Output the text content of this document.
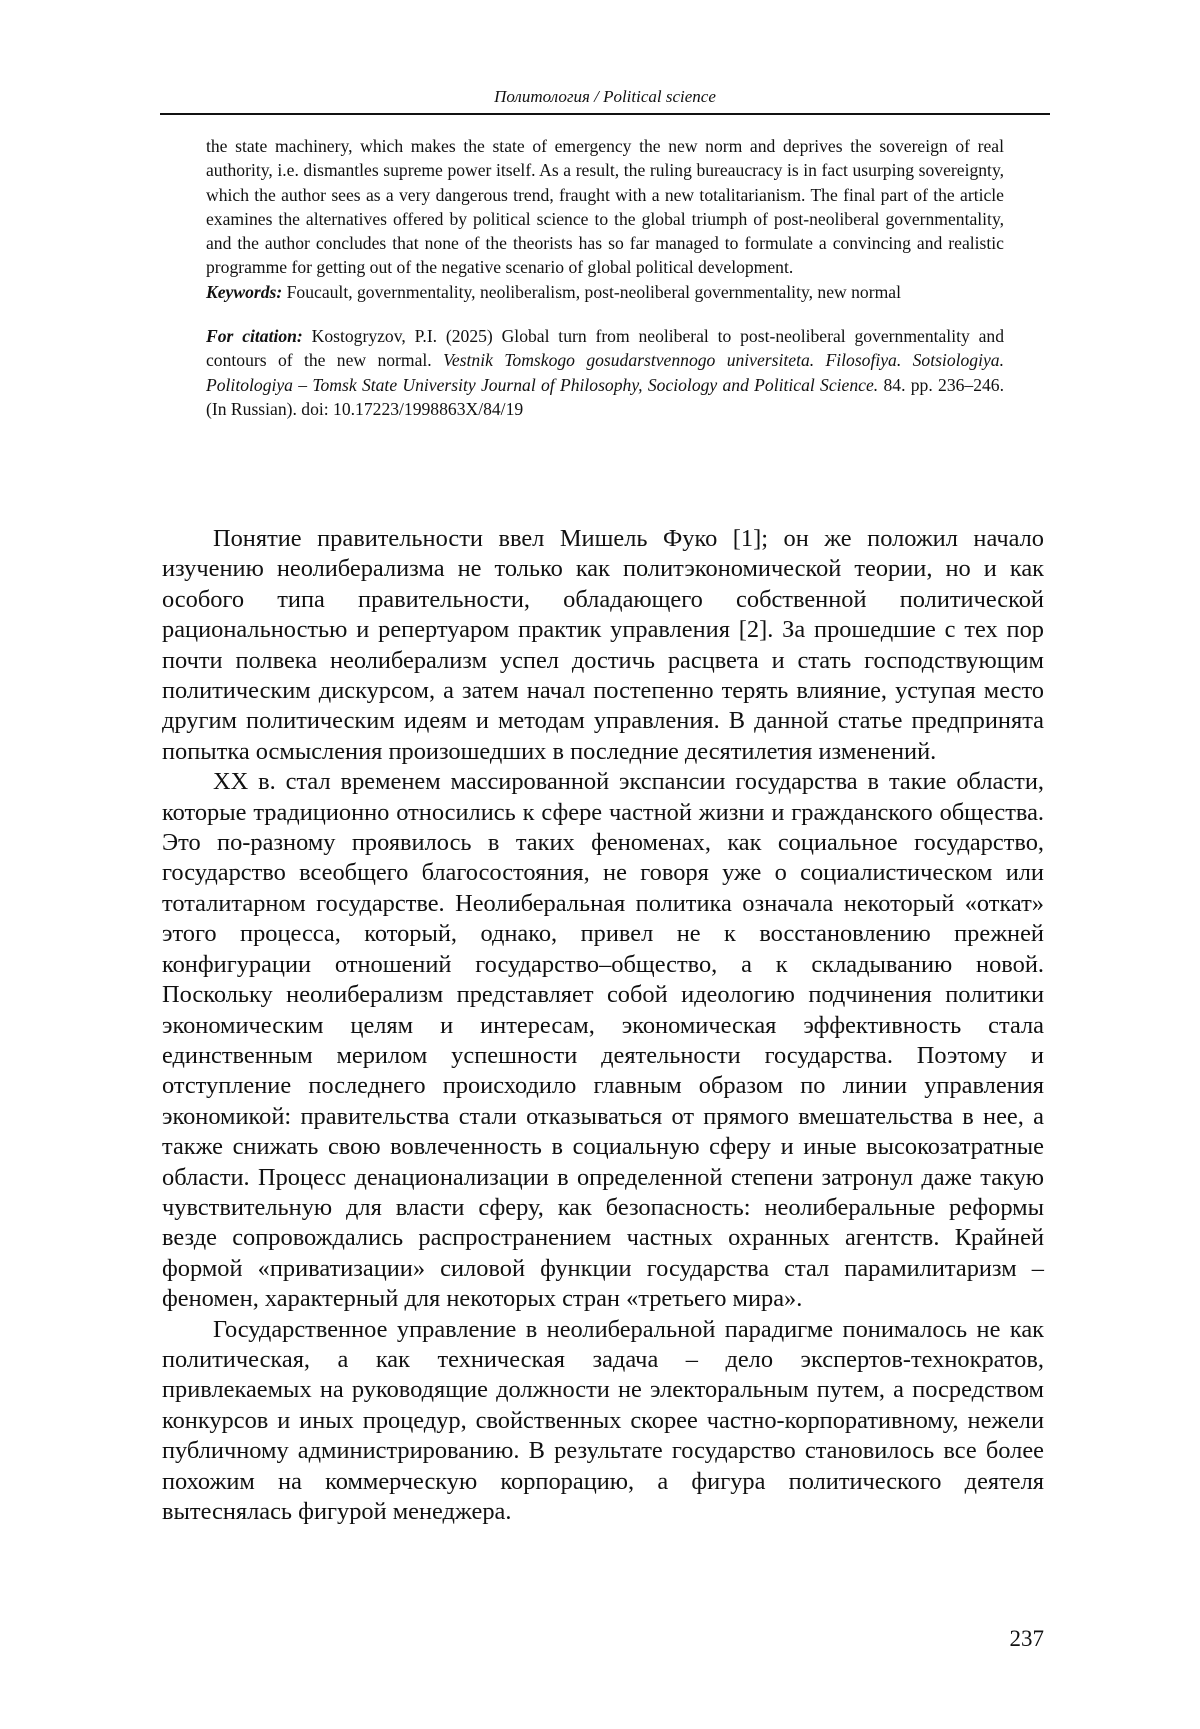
Политология / Political science

the state machinery, which makes the state of emergency the new norm and deprives the sovereign of real authority, i.e. dismantles supreme power itself. As a result, the ruling bureaucracy is in fact usurping sovereignty, which the author sees as a very dangerous trend, fraught with a new totalitarianism. The final part of the article examines the alternatives offered by political science to the global triumph of post-neoliberal governmentality, and the author concludes that none of the theorists has so far managed to formulate a convincing and realistic programme for getting out of the negative scenario of global political development.

Keywords: Foucault, governmentality, neoliberalism, post-neoliberal governmentality, new normal

For citation: Kostogryzov, P.I. (2025) Global turn from neoliberal to post-neoliberal governmentality and contours of the new normal. Vestnik Tomskogo gosudarstvennogo universiteta. Filosofiya. Sotsiologiya. Politologiya – Tomsk State University Journal of Philosophy, Sociology and Political Science. 84. pp. 236–246. (In Russian). doi: 10.17223/1998863X/84/19

Понятие правительности ввел Мишель Фуко [1]; он же положил начало изучению неолиберализма не только как политэкономической теории, но и как особого типа правительности, обладающего собственной политической рациональностью и репертуаром практик управления [2]. За прошедшие с тех пор почти полвека неолиберализм успел достичь расцвета и стать господствующим политическим дискурсом, а затем начал постепенно терять влияние, уступая место другим политическим идеям и методам управления. В данной статье предпринята попытка осмысления произошедших в последние десятилетия изменений.

XX в. стал временем массированной экспансии государства в такие области, которые традиционно относились к сфере частной жизни и гражданского общества. Это по-разному проявилось в таких феноменах, как социальное государство, государство всеобщего благосостояния, не говоря уже о социалистическом или тоталитарном государстве. Неолиберальная политика означала некоторый «откат» этого процесса, который, однако, привел не к восстановлению прежней конфигурации отношений государство–общество, а к складыванию новой. Поскольку неолиберализм представляет собой идеологию подчинения политики экономическим целям и интересам, экономическая эффективность стала единственным мерилом успешности деятельности государства. Поэтому и отступление последнего происходило главным образом по линии управления экономикой: правительства стали отказываться от прямого вмешательства в нее, а также снижать свою вовлеченность в социальную сферу и иные высокозатратные области. Процесс денационализации в определенной степени затронул даже такую чувствительную для власти сферу, как безопасность: неолиберальные реформы везде сопровождались распространением частных охранных агентств. Крайней формой «приватизации» силовой функции государства стал парамилитаризм – феномен, характерный для некоторых стран «третьего мира».

Государственное управление в неолиберальной парадигме понималось не как политическая, а как техническая задача – дело экспертов-технократов, привлекаемых на руководящие должности не электоральным путем, а посредством конкурсов и иных процедур, свойственных скорее частно-корпоративному, нежели публичному администрированию. В результате государство становилось все более похожим на коммерческую корпорацию, а фигура политического деятеля вытеснялась фигурой менеджера.

237
